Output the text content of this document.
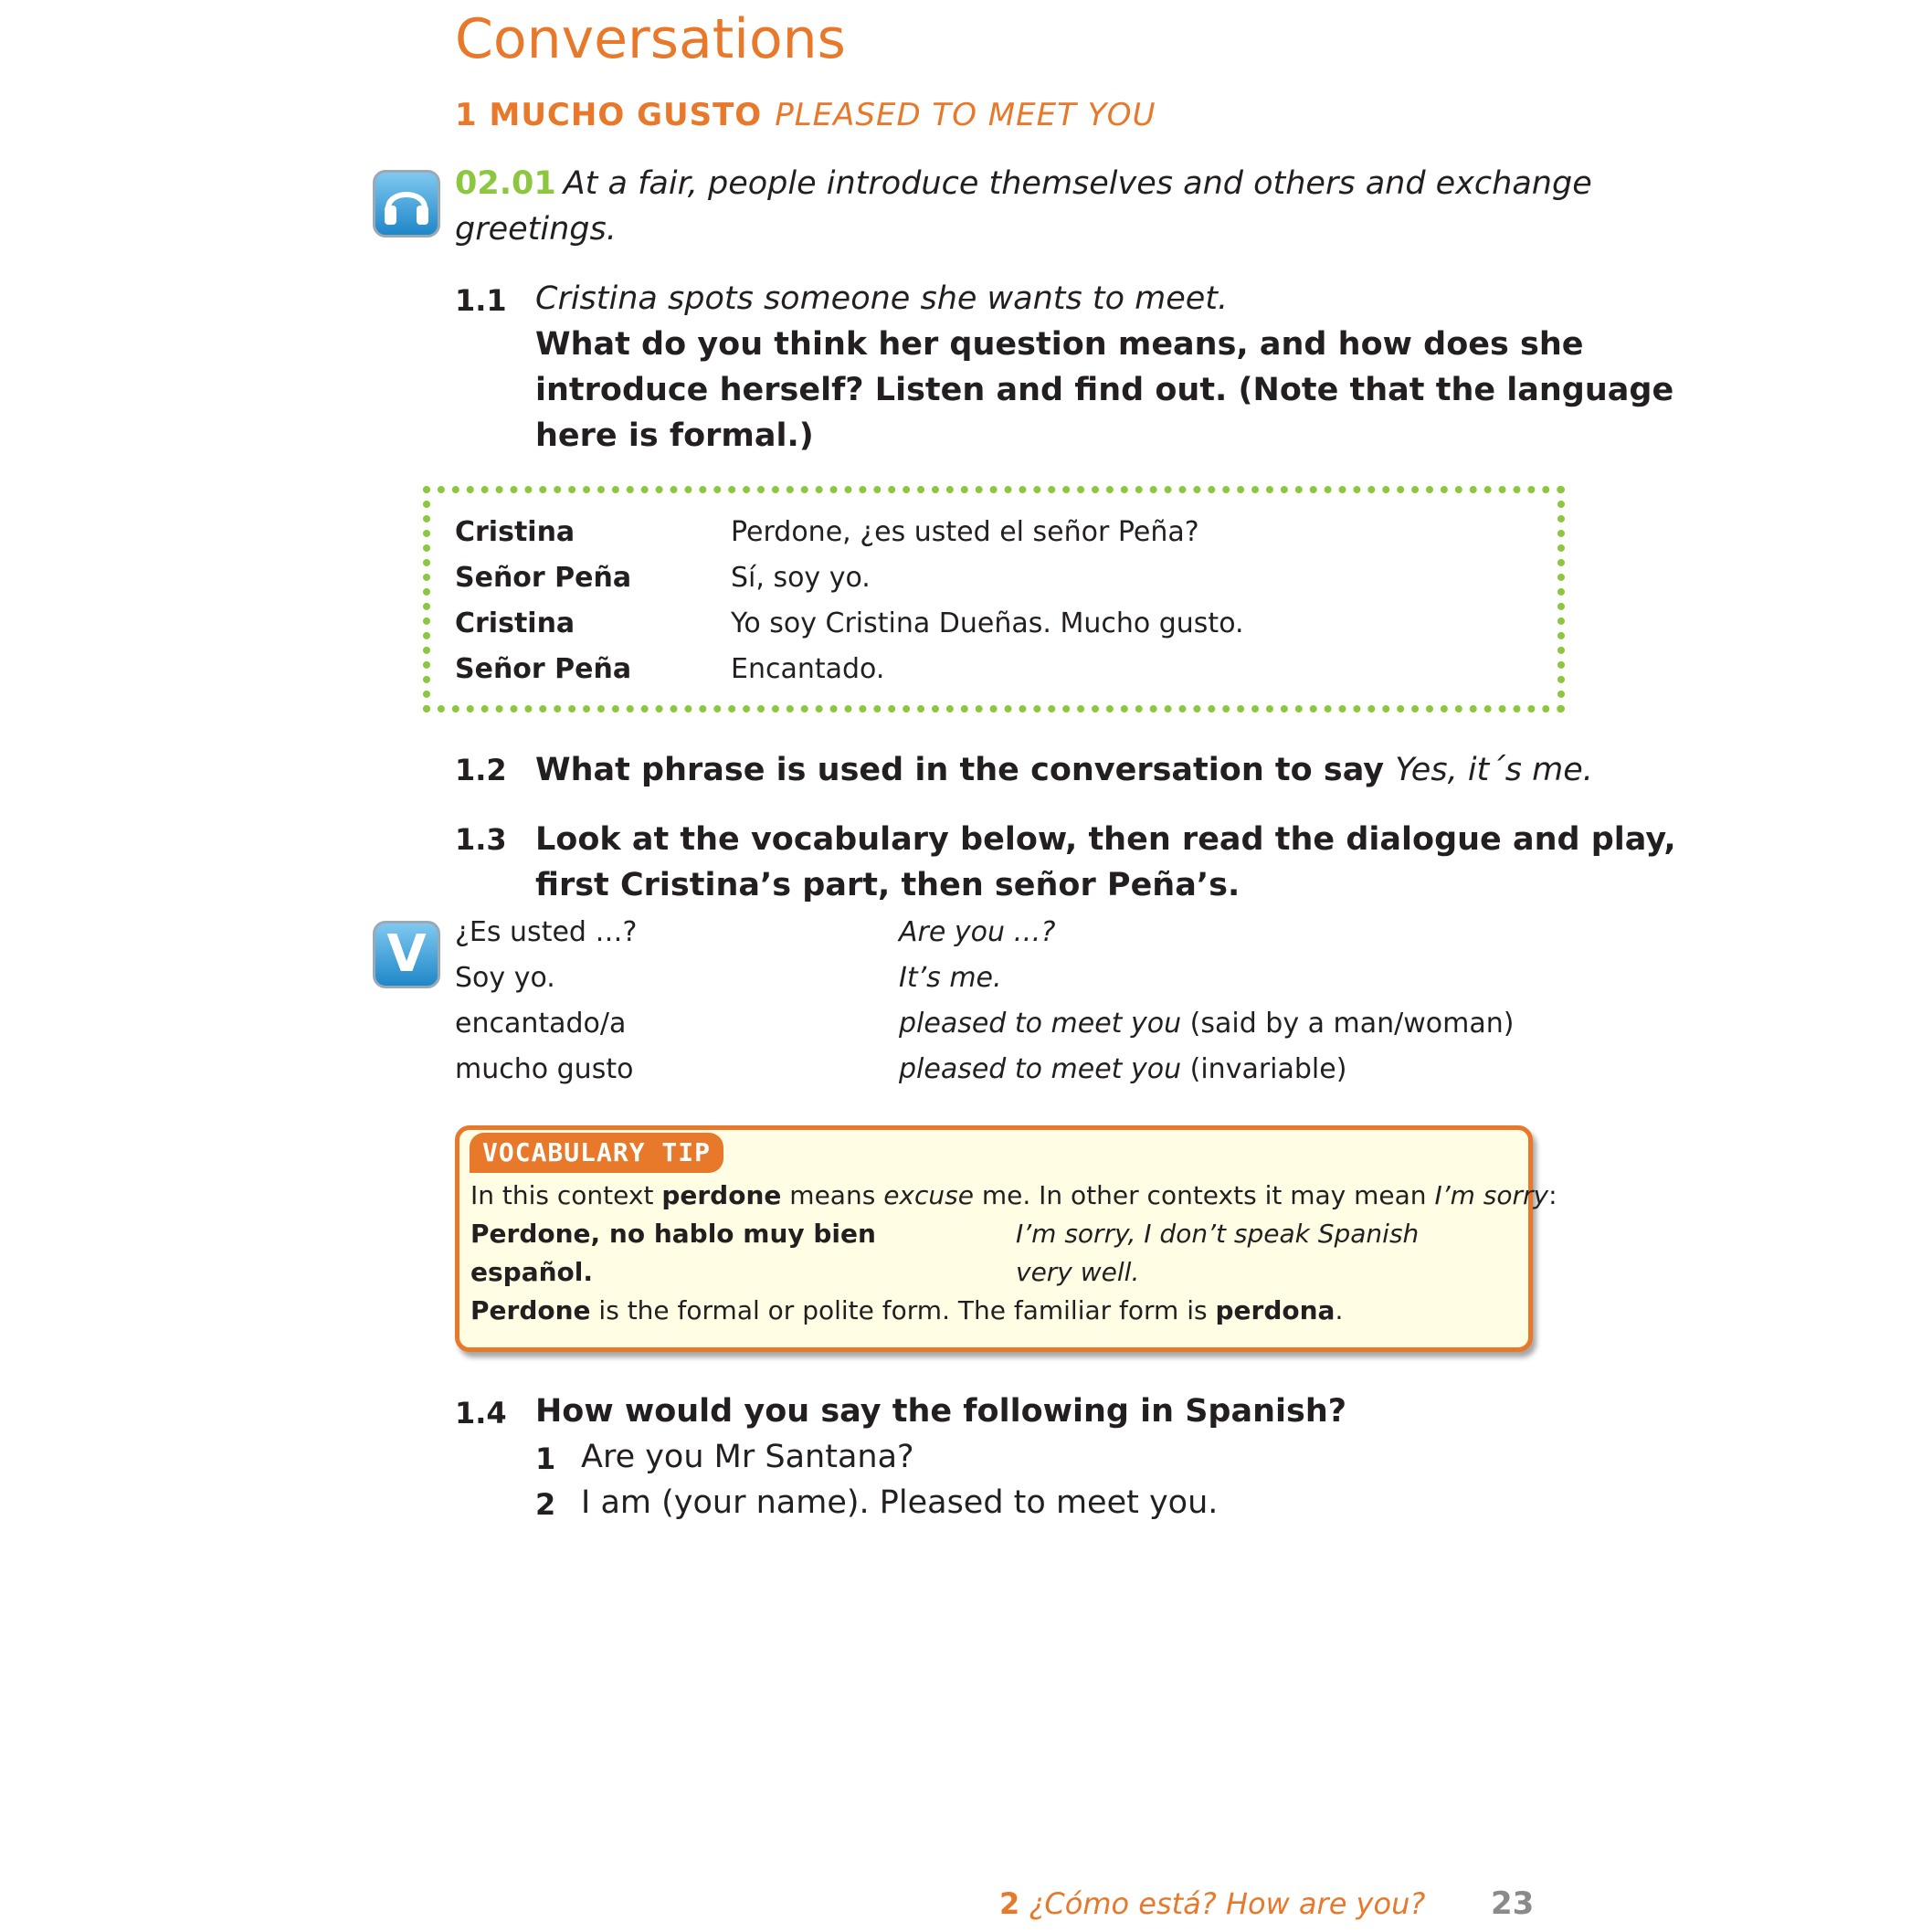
Conversations
1 MUCHO GUSTO PLEASED TO MEET YOU
02.01 At a fair, people introduce themselves and others and exchange greetings.
1.1 Cristina spots someone she wants to meet.
What do you think her question means, and how does she
introduce herself? Listen and find out. (Note that the language
here is formal.)
Cristina	Perdone, ¿es usted el señor Peña?
Señor Peña	Sí, soy yo.
Cristina	Yo soy Cristina Dueñas. Mucho gusto.
Señor Peña	Encantado.
1.2 What phrase is used in the conversation to say Yes, it´s me.
1.3 Look at the vocabulary below, then read the dialogue and play,
first Cristina’s part, then señor Peña’s.
V ¿Es usted …?	Are you …?
Soy yo.	It’s me.
encantado/a	pleased to meet you (said by a man/woman)
mucho gusto	pleased to meet you (invariable)
VOCABULARY TIP
In this context perdone means excuse me. In other contexts it may mean I’m sorry:
Perdone, no hablo muy bien	I’m sorry, I don’t speak Spanish
español.	very well.
Perdone is the formal or polite form. The familiar form is perdona.
1.4 How would you say the following in Spanish?
1 Are you Mr Santana?
2 I am (your name). Pleased to meet you.
2 ¿Cómo está? How are you? 23
